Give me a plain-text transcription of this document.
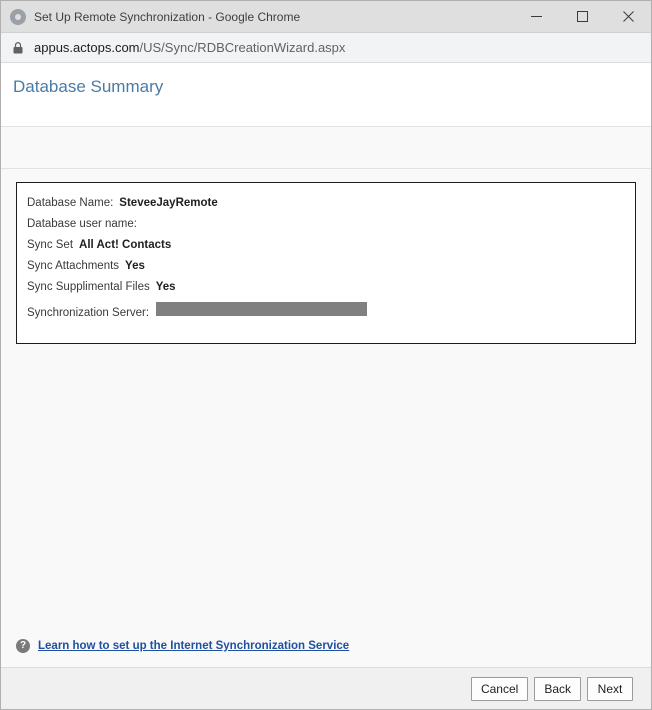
Set Up Remote Synchronization - Google Chrome
appus.actops.com/US/Sync/RDBCreationWizard.aspx
Database Summary
Database Name: SteveeJayRemote
Database user name:
Sync Set All Act! Contacts
Sync Attachments Yes
Sync Supplimental Files Yes
Synchronization Server:
?	Learn how to set up the Internet Synchronization Service
Cancel	Back	Next
